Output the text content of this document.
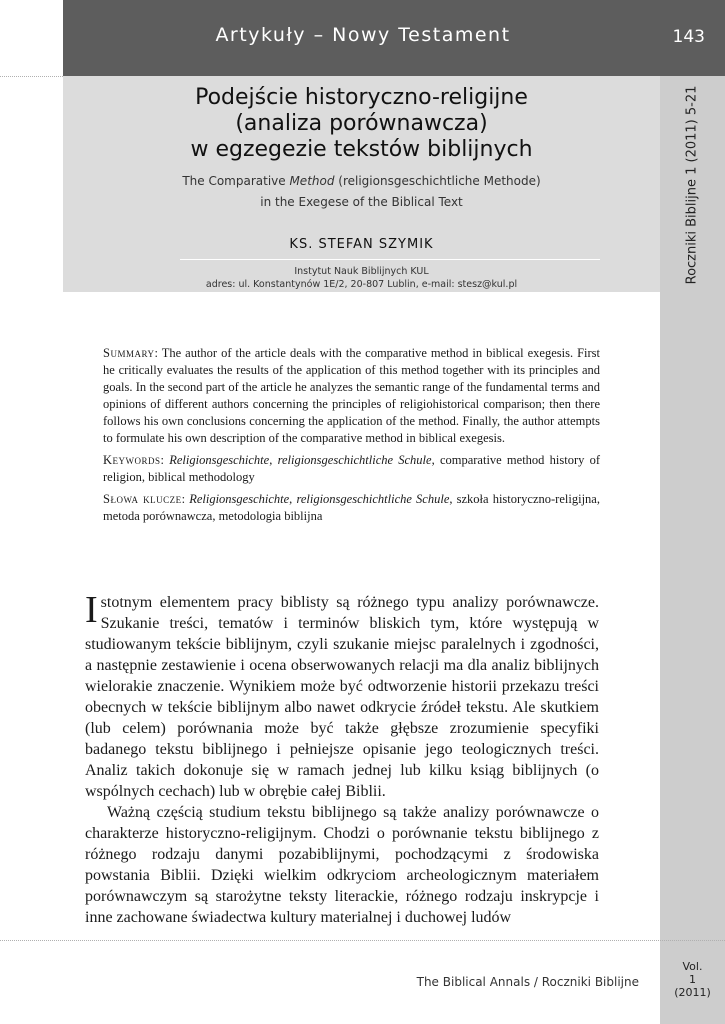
Artykuły – Nowy Testament	143
Roczniki Biblijne 1 (2011) 5-21
Podejście historyczno-religijne
(analiza porównawcza)
w egzegezie tekstów biblijnych
The Comparative Method (religionsgeschichtliche Methode)
in the Exegese of the Biblical Text
KS. STEFAN SZYMIK
Instytut Nauk Biblijnych KUL
adres: ul. Konstantynów 1E/2, 20-807 Lublin, e-mail: stesz@kul.pl

Summary: The author of the article deals with the comparative method in biblical exegesis. First he critically evaluates the results of the application of this method together with its principles and goals. In the second part of the article he analyzes the semantic range of the fundamental terms and opinions of different authors concerning the principles of religiohistorical comparison; then there follows his own conclusions concerning the application of the method. Finally, the author attempts to formulate his own description of the comparative method in biblical exegesis.

Keywords: Religionsgeschichte, religionsgeschichtliche Schule, comparative method history of religion, biblical methodology

Słowa klucze: Religionsgeschichte, religionsgeschichtliche Schule, szkoła historyczno-religijna, metoda porównawcza, metodologia biblijna

Istotnym elementem pracy biblisty są różnego typu analizy porównawcze. Szukanie treści, tematów i terminów bliskich tym, które występują w studiowanym tekście biblijnym, czyli szukanie miejsc paralelnych i zgodności, a następnie zestawienie i ocena obserwowanych relacji ma dla analiz biblijnych wielorakie znaczenie. Wynikiem może być odtworzenie historii przekazu treści obecnych w tekście biblijnym albo nawet odkrycie źródeł tekstu. Ale skutkiem (lub celem) porównania może być także głębsze zrozumienie specyfiki badanego tekstu biblijnego i pełniejsze opisanie jego teologicznych treści. Analiz takich dokonuje się w ramach jednej lub kilku ksiąg biblijnych (o wspólnych cechach) lub w obrębie całej Biblii.

Ważną częścią studium tekstu biblijnego są także analizy porównawcze o charakterze historyczno-religijnym. Chodzi o porównanie tekstu biblijnego z różnego rodzaju danymi pozabiblijnymi, pochodzącymi z środowiska powstania Biblii. Dzięki wielkim odkryciom archeologicznym materiałem porównawczym są starożytne teksty literackie, różnego rodzaju inskrypcje i inne zachowane świadectwa kultury materialnej i duchowej ludów

The Biblical Annals / Roczniki Biblijne
Vol.
1
(2011)
